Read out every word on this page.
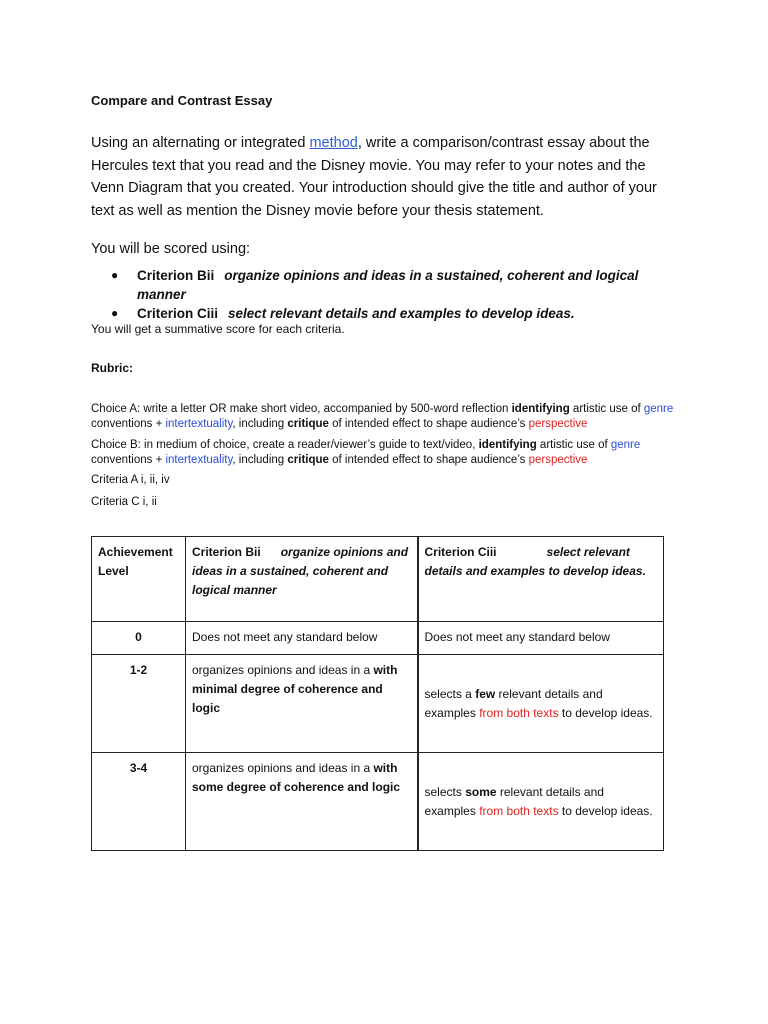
Compare and Contrast Essay
Using an alternating or integrated method, write a comparison/contrast essay about the Hercules text that you read and the Disney movie. You may refer to your notes and the Venn Diagram that you created. Your introduction should give the title and author of your text as well as mention the Disney movie before your thesis statement.
You will be scored using:
● Criterion Bii organize opinions and ideas in a sustained, coherent and logical manner
● Criterion Ciii select relevant details and examples to develop ideas.
You will get a summative score for each criteria.
Rubric:
Choice A: write a letter OR make short video, accompanied by 500-word reflection identifying artistic use of genre conventions + intertextuality, including critique of intended effect to shape audience’s perspective
Choice B: in medium of choice, create a reader/viewer’s guide to text/video, identifying artistic use of genre conventions + intertextuality, including critique of intended effect to shape audience’s perspective
Criteria A i, ii, iv
Criteria C i, ii
Achievement Level	Criterion Bii organize opinions and ideas in a sustained, coherent and logical manner	Criterion Ciii select relevant details and examples to develop ideas.
0	Does not meet any standard below	Does not meet any standard below
1-2	organizes opinions and ideas in a with minimal degree of coherence and logic	selects a few relevant details and examples from both texts to develop ideas.
3-4	organizes opinions and ideas in a with some degree of coherence and logic	selects some relevant details and examples from both texts to develop ideas.
